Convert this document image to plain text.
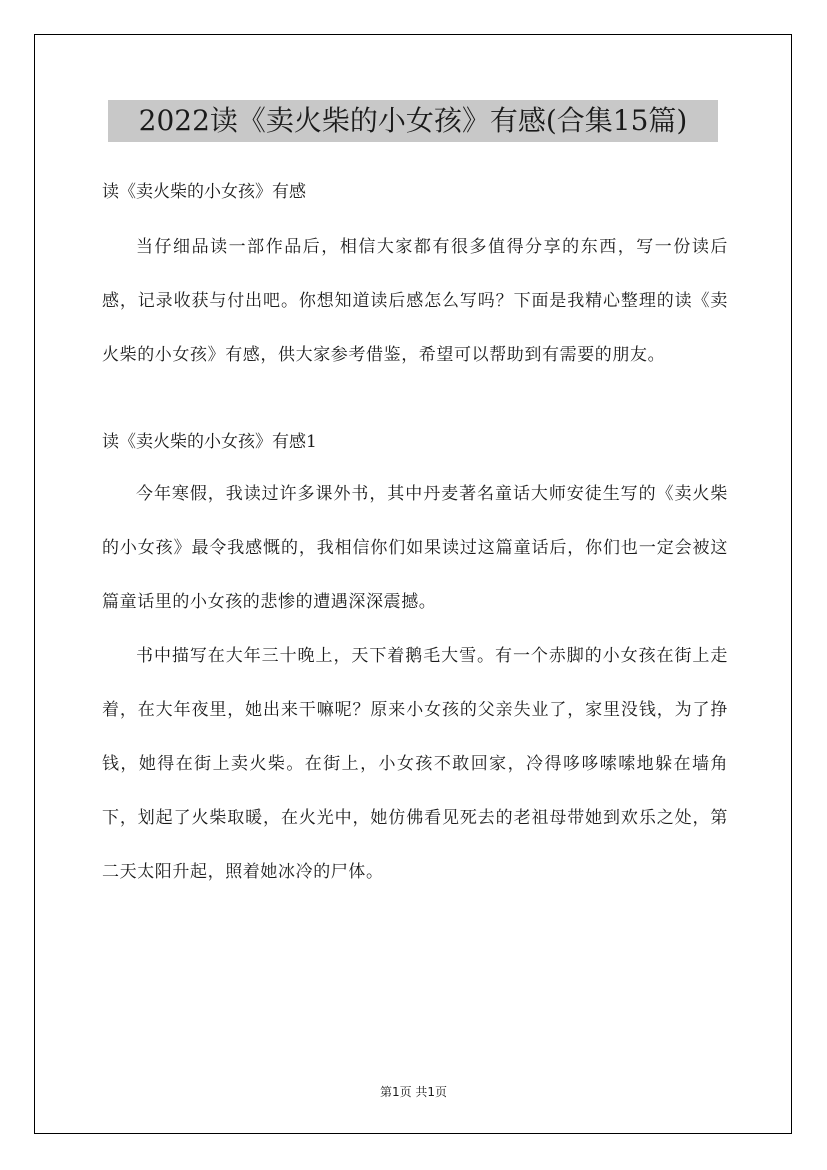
2022读《卖火柴的小女孩》有感(合集15篇)

读《卖火柴的小女孩》有感

当仔细品读一部作品后，相信大家都有很多值得分享的东西，写一份读后感，记录收获与付出吧。你想知道读后感怎么写吗？下面是我精心整理的读《卖火柴的小女孩》有感，供大家参考借鉴，希望可以帮助到有需要的朋友。

读《卖火柴的小女孩》有感1

今年寒假，我读过许多课外书，其中丹麦著名童话大师安徒生写的《卖火柴的小女孩》最令我感慨的，我相信你们如果读过这篇童话后，你们也一定会被这篇童话里的小女孩的悲惨的遭遇深深震撼。

书中描写在大年三十晚上，天下着鹅毛大雪。有一个赤脚的小女孩在街上走着，在大年夜里，她出来干嘛呢？原来小女孩的父亲失业了，家里没钱，为了挣钱，她得在街上卖火柴。在街上，小女孩不敢回家，冷得哆哆嗦嗦地躲在墙角下，划起了火柴取暖，在火光中，她仿佛看见死去的老祖母带她到欢乐之处，第二天太阳升起，照着她冰冷的尸体。

第1页 共1页
